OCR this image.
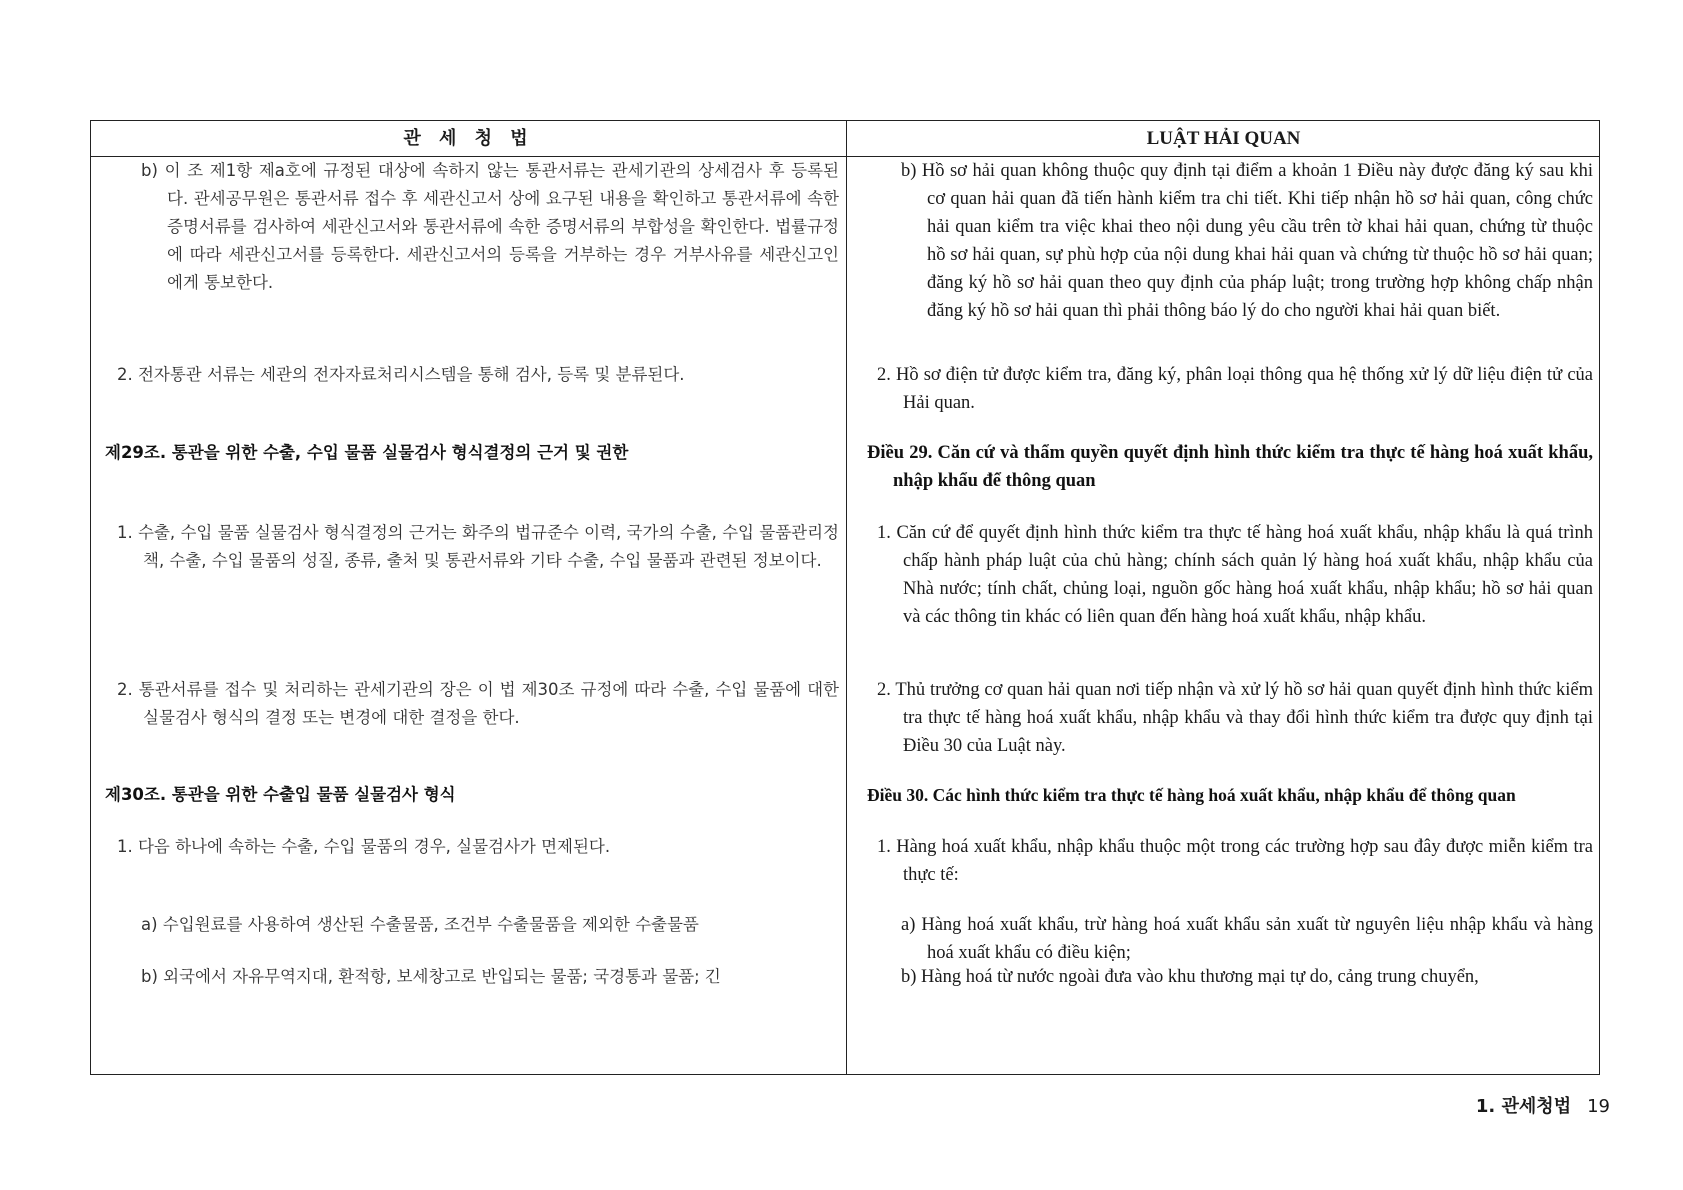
관 세 청 법	LUẬT HẢI QUAN
b) 이 조 제1항 제a호에 규정된 대상에 속하지 않는 통관서류는 관세기관의 상세검사 후 등록된다. 관세공무원은 통관서류 접수 후 세관신고서 상에 요구된 내용을 확인하고 통관서류에 속한 증명서류를 검사하여 세관신고서와 통관서류에 속한 증명서류의 부합성을 확인한다. 법률규정에 따라 세관신고서를 등록한다. 세관신고서의 등록을 거부하는 경우 거부사유를 세관신고인에게 통보한다.
2. 전자통관 서류는 세관의 전자자료처리시스템을 통해 검사, 등록 및 분류된다.
제29조. 통관을 위한 수출, 수입 물품 실물검사 형식결정의 근거 및 권한
1. 수출, 수입 물품 실물검사 형식결정의 근거는 화주의 법규준수 이력, 국가의 수출, 수입 물품관리정책, 수출, 수입 물품의 성질, 종류, 출처 및 통관서류와 기타 수출, 수입 물품과 관련된 정보이다.
2. 통관서류를 접수 및 처리하는 관세기관의 장은 이 법 제30조 규정에 따라 수출, 수입 물품에 대한 실물검사 형식의 결정 또는 변경에 대한 결정을 한다.
제30조. 통관을 위한 수출입 물품 실물검사 형식
1. 다음 하나에 속하는 수출, 수입 물품의 경우, 실물검사가 면제된다.
a) 수입원료를 사용하여 생산된 수출물품, 조건부 수출물품을 제외한 수출물품
b) 외국에서 자유무역지대, 환적항, 보세창고로 반입되는 물품; 국경통과 물품; 긴
b) Hồ sơ hải quan không thuộc quy định tại điểm a khoản 1 Điều này được đăng ký sau khi cơ quan hải quan đã tiến hành kiểm tra chi tiết. Khi tiếp nhận hồ sơ hải quan, công chức hải quan kiểm tra việc khai theo nội dung yêu cầu trên tờ khai hải quan, chứng từ thuộc hồ sơ hải quan, sự phù hợp của nội dung khai hải quan và chứng từ thuộc hồ sơ hải quan; đăng ký hồ sơ hải quan theo quy định của pháp luật; trong trường hợp không chấp nhận đăng ký hồ sơ hải quan thì phải thông báo lý do cho người khai hải quan biết.
2. Hồ sơ điện tử được kiểm tra, đăng ký, phân loại thông qua hệ thống xử lý dữ liệu điện tử của Hải quan.
Điều 29. Căn cứ và thẩm quyền quyết định hình thức kiểm tra thực tế hàng hoá xuất khẩu, nhập khẩu để thông quan
1. Căn cứ để quyết định hình thức kiểm tra thực tế hàng hoá xuất khẩu, nhập khẩu là quá trình chấp hành pháp luật của chủ hàng; chính sách quản lý hàng hoá xuất khẩu, nhập khẩu của Nhà nước; tính chất, chủng loại, nguồn gốc hàng hoá xuất khẩu, nhập khẩu; hồ sơ hải quan và các thông tin khác có liên quan đến hàng hoá xuất khẩu, nhập khẩu.
2. Thủ trưởng cơ quan hải quan nơi tiếp nhận và xử lý hồ sơ hải quan quyết định hình thức kiểm tra thực tế hàng hoá xuất khẩu, nhập khẩu và thay đổi hình thức kiểm tra được quy định tại Điều 30 của Luật này.
Điều 30. Các hình thức kiểm tra thực tế hàng hoá xuất khẩu, nhập khẩu để thông quan
1. Hàng hoá xuất khẩu, nhập khẩu thuộc một trong các trường hợp sau đây được miễn kiểm tra thực tế:
a) Hàng hoá xuất khẩu, trừ hàng hoá xuất khẩu sản xuất từ nguyên liệu nhập khẩu và hàng hoá xuất khẩu có điều kiện;
b) Hàng hoá từ nước ngoài đưa vào khu thương mại tự do, cảng trung chuyển,
1. 관세청법 19
